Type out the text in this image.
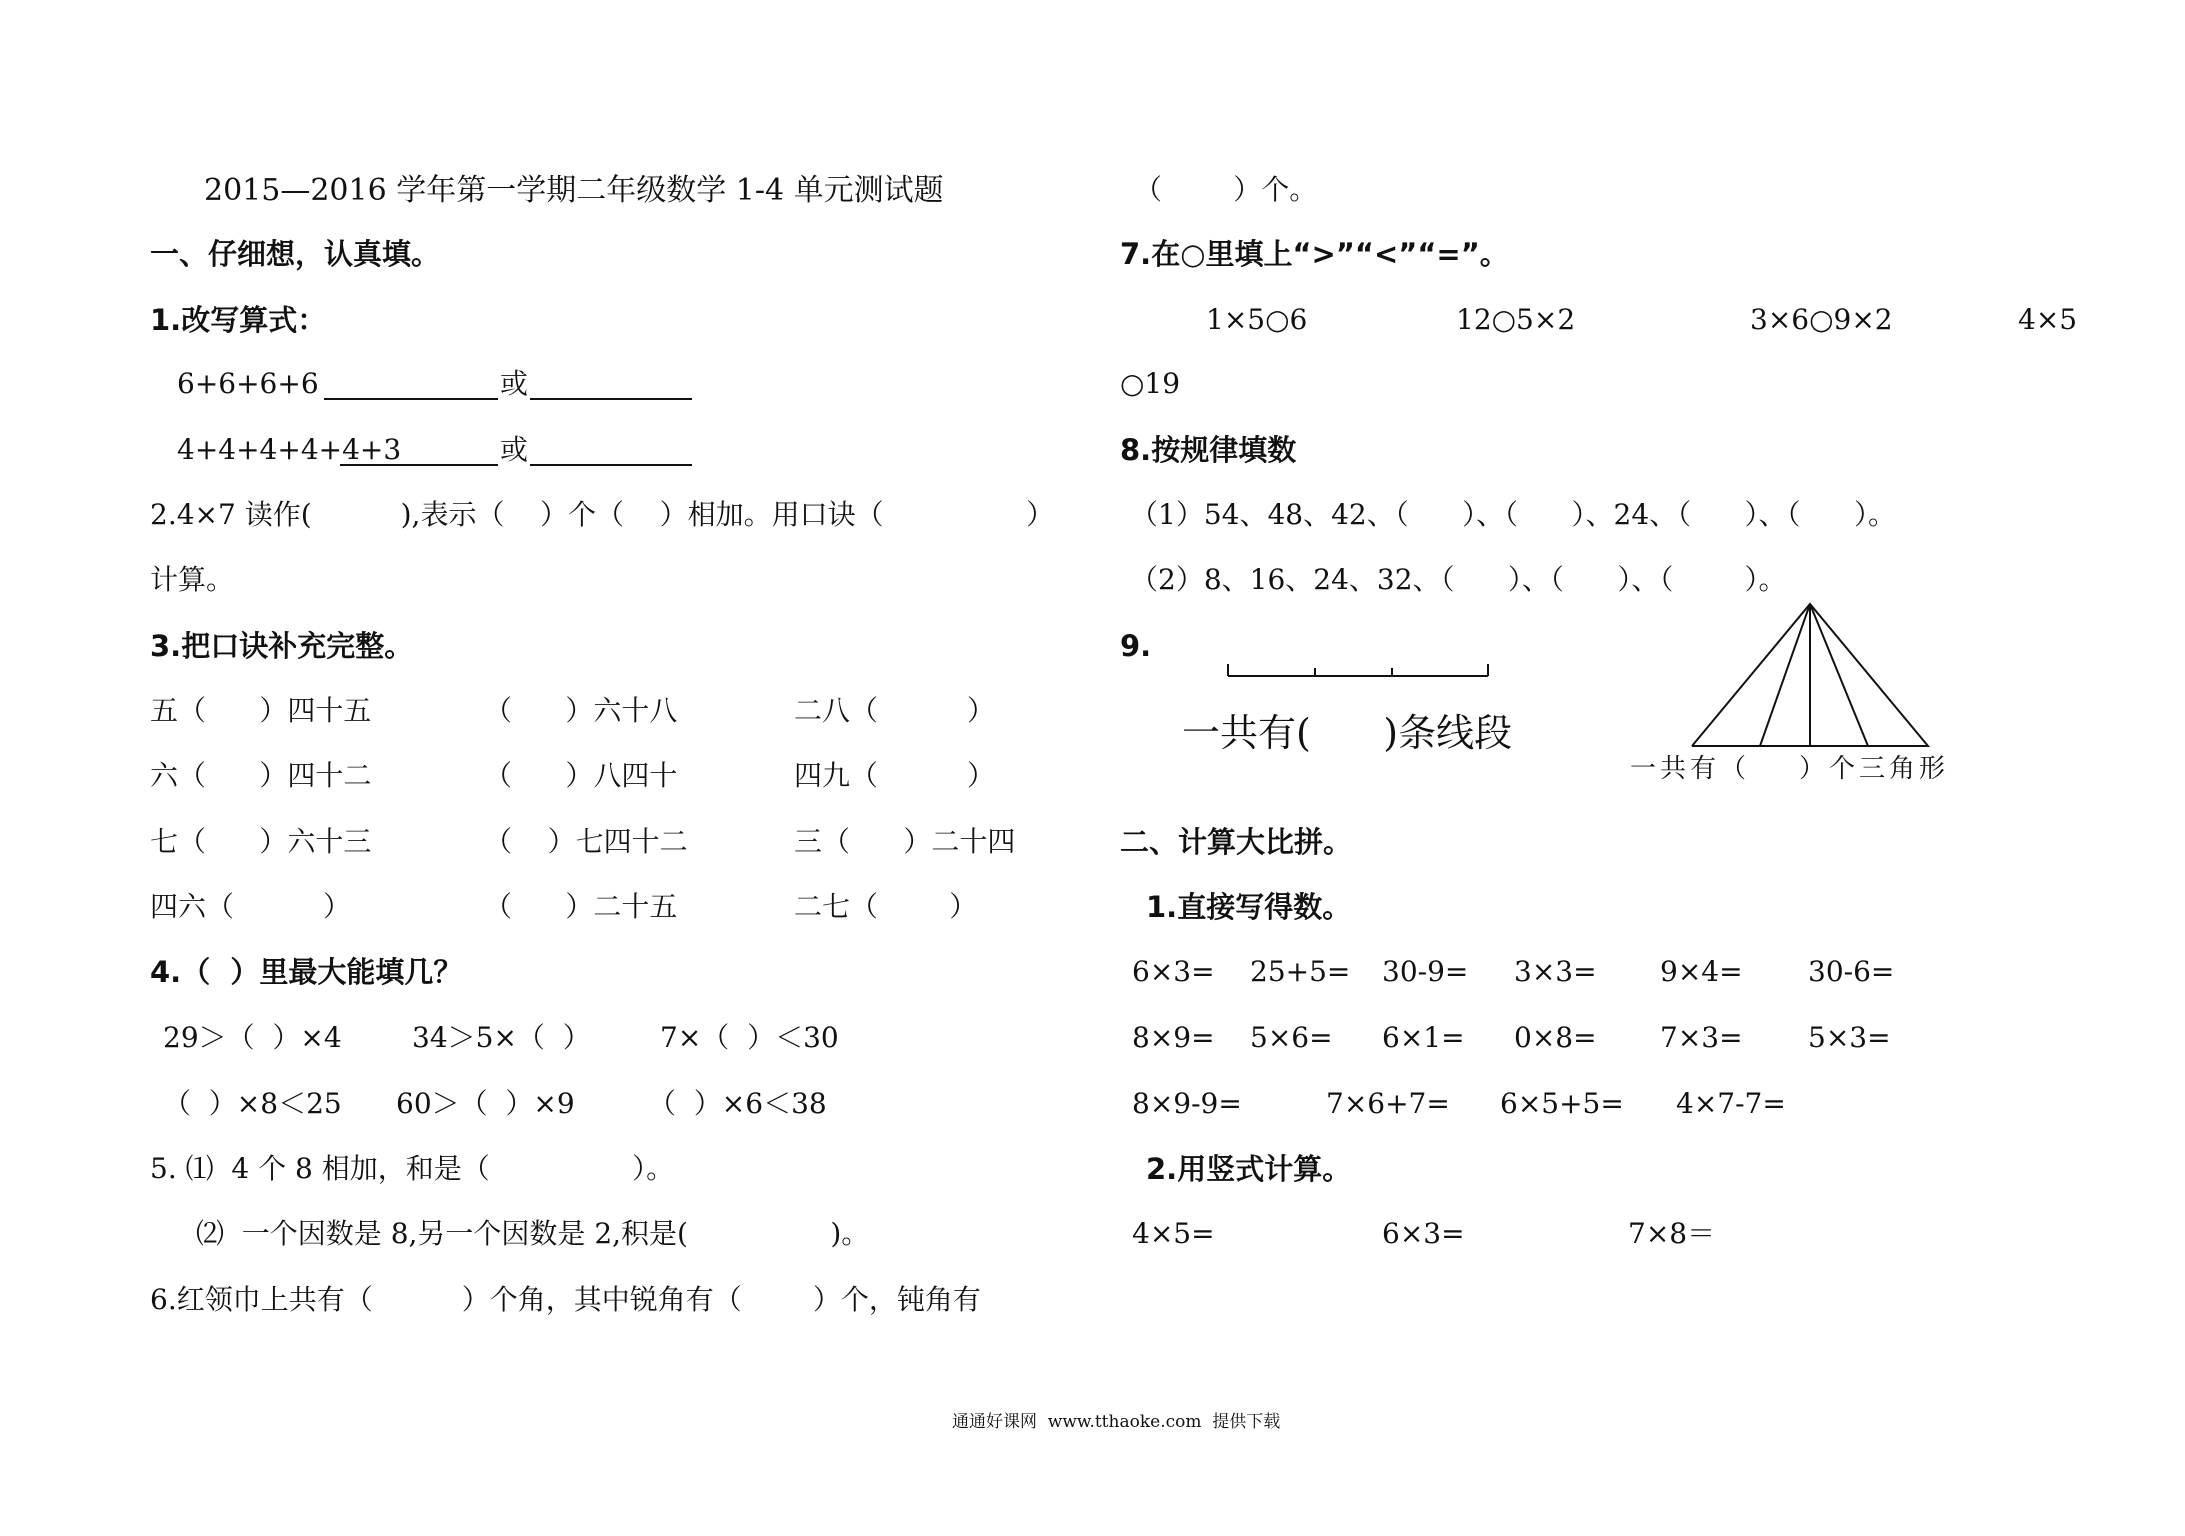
2015—2016 学年第一学期二年级数学 1-4 单元测试题	（        ）个。
一、仔细想，认真填。
1.改写算式：
6+6+6+6	或
4+4+4+4+4+3	或
2.4×7 读作(          ),表示（    ）个（    ）相加。用口诀（                ）
计算。
3.把口诀补充完整。
五（      ）四十五	（      ）六十八	二八（          ）
六（      ）四十二	（      ）八四十	四九（          ）
七（      ）六十三	（    ）七四十二	三（      ）二十四
四六（          ）	（      ）二十五	二七（        ）
4.（  ）里最大能填几？
29＞（  ）×4	34＞5×（  ） 7×（  ）＜30
（  ）×8＜25 60＞（  ）×9	（  ）×6＜38
5. ⑴  4 个 8 相加，和是（                ）。
⑵  一个因数是 8,另一个因数是 2,积是(                )。
6.红领巾上共有（          ）个角，其中锐角有（        ）个，钝角有
7.在○里填上“>”“<”“=”。
1×5○6	12○5×2	3×6○9×2	4×5
○19
8.按规律填数
（1）54、48、42、（      ）、（      ）、24、（      ）、（      ）。
（2）8、16、24、32、（      ）、（      ）、（        ）。
9.
一共有(      )条线段
一共有（    ）个三角形
二、计算大比拼。
1.直接写得数。
6×3= 25+5= 30-9= 3×3= 9×4= 30-6=
8×9= 5×6= 6×1= 0×8= 7×3= 5×3=
8×9-9=	7×6+7= 6×5+5= 4×7-7=
2.用竖式计算。
4×5=	6×3=	7×8＝
通通好课网  www.tthaoke.com  提供下载
